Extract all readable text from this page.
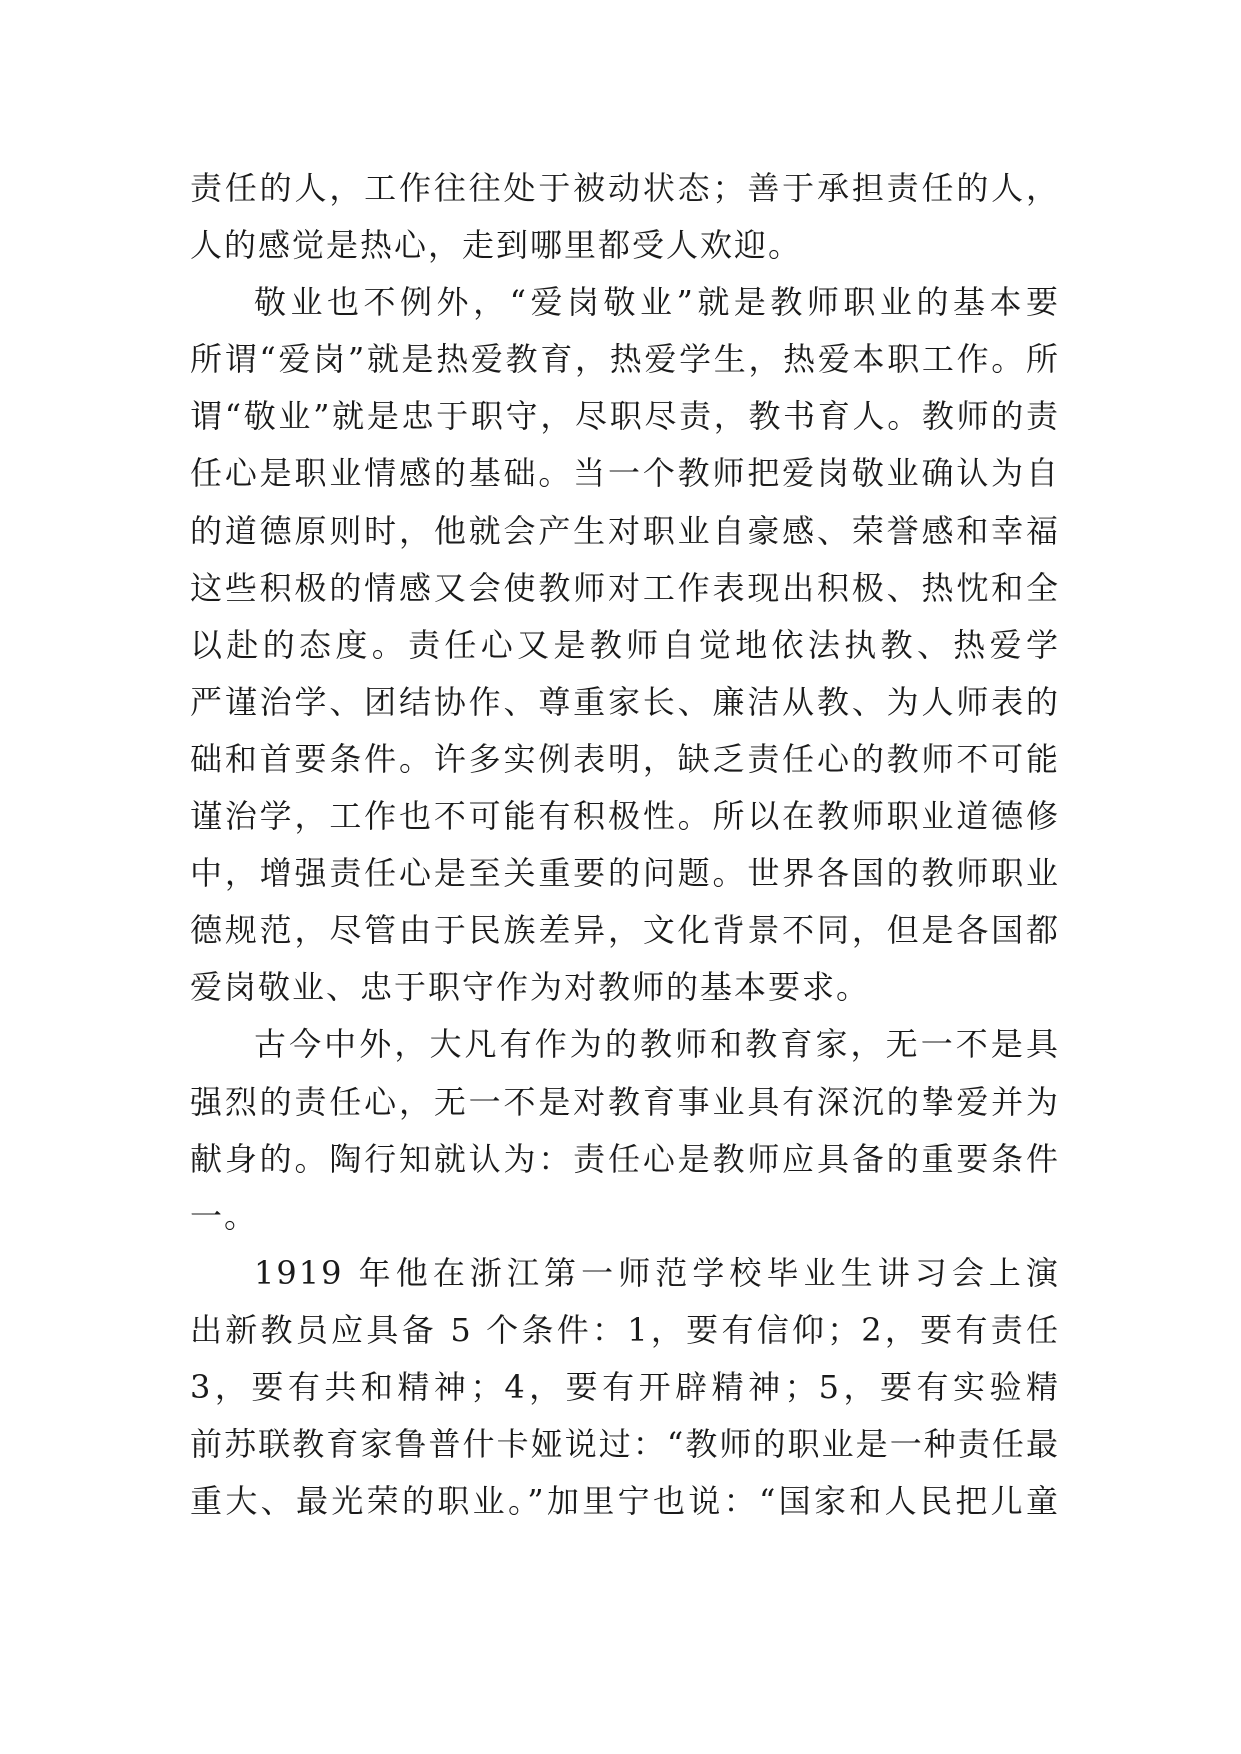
责任的人，工作往往处于被动状态；善于承担责任的人，
人的感觉是热心，走到哪里都受人欢迎。
敬业也不例外，“爱岗敬业”就是教师职业的基本要
所谓“爱岗”就是热爱教育，热爱学生，热爱本职工作。所
谓“敬业”就是忠于职守，尽职尽责，教书育人。教师的责
任心是职业情感的基础。当一个教师把爱岗敬业确认为自
的道德原则时，他就会产生对职业自豪感、荣誉感和幸福
这些积极的情感又会使教师对工作表现出积极、热忱和全
以赴的态度。责任心又是教师自觉地依法执教、热爱学
严谨治学、团结协作、尊重家长、廉洁从教、为人师表的
础和首要条件。许多实例表明，缺乏责任心的教师不可能
谨治学，工作也不可能有积极性。所以在教师职业道德修
中，增强责任心是至关重要的问题。世界各国的教师职业
德规范，尽管由于民族差异，文化背景不同，但是各国都
爱岗敬业、忠于职守作为对教师的基本要求。
古今中外，大凡有作为的教师和教育家，无一不是具
强烈的责任心，无一不是对教育事业具有深沉的挚爱并为
献身的。陶行知就认为：责任心是教师应具备的重要条件
一。
1919 年他在浙江第一师范学校毕业生讲习会上演
出新教员应具备 5 个条件：1，要有信仰；2，要有责任
3，要有共和精神；4，要有开辟精神；5，要有实验精
前苏联教育家鲁普什卡娅说过：“教师的职业是一种责任最
重大、最光荣的职业。”加里宁也说：“国家和人民把儿童
